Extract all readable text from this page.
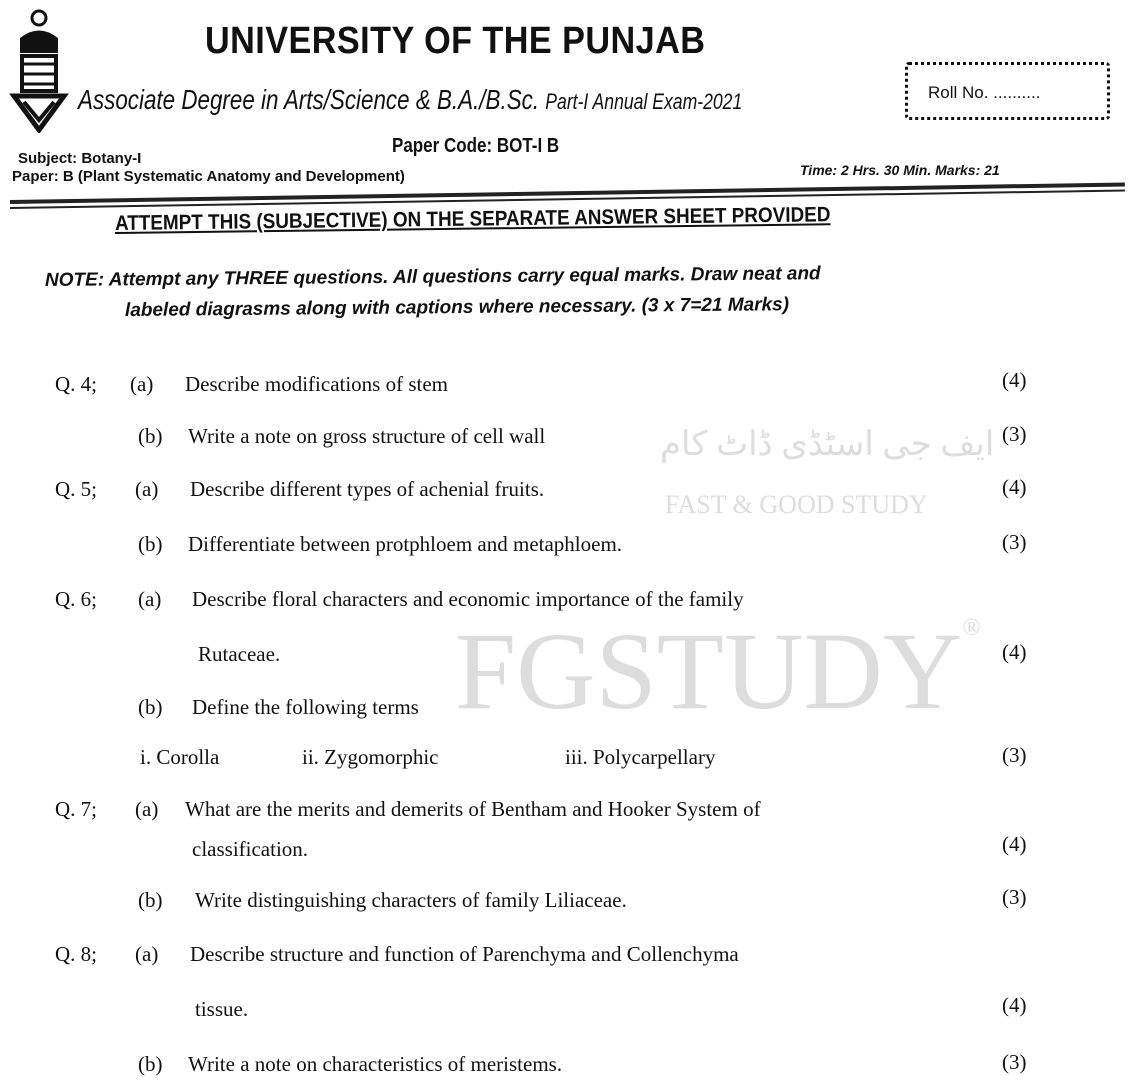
ایف جی اسٹڈی ڈاٹ کام
FAST & GOOD STUDY
FGSTUDY®
UNIVERSITY OF THE PUNJAB
Associate Degree in Arts/Science & B.A./B.Sc. Part-I Annual Exam-2021	Roll No. ..........
Paper Code: BOT-I B
Subject: Botany-I
Paper: B (Plant Systematic Anatomy and Development)	Time: 2 Hrs. 30 Min. Marks: 21
ATTEMPT THIS (SUBJECTIVE) ON THE SEPARATE ANSWER SHEET PROVIDED
NOTE: Attempt any THREE questions. All questions carry equal marks. Draw neat and
labeled diagrasms along with captions where necessary. (3 x 7=21 Marks)
Q. 4; (a) Describe modifications of stem	(4)
(b) Write a note on gross structure of cell wall	(3)
Q. 5; (a) Describe different types of achenial fruits.	(4)
(b) Differentiate between protphloem and metaphloem.	(3)
Q. 6; (a) Describe floral characters and economic importance of the family
Rutaceae.	(4)
(b) Define the following terms
i. Corolla	ii. Zygomorphic	iii. Polycarpellary	(3)
Q. 7; (a) What are the merits and demerits of Bentham and Hooker System of
classification.	(4)
(b) Write distinguishing characters of family Liliaceae.	(3)
Q. 8; (a) Describe structure and function of Parenchyma and Collenchyma
tissue.	(4)
(b) Write a note on characteristics of meristems.	(3)
